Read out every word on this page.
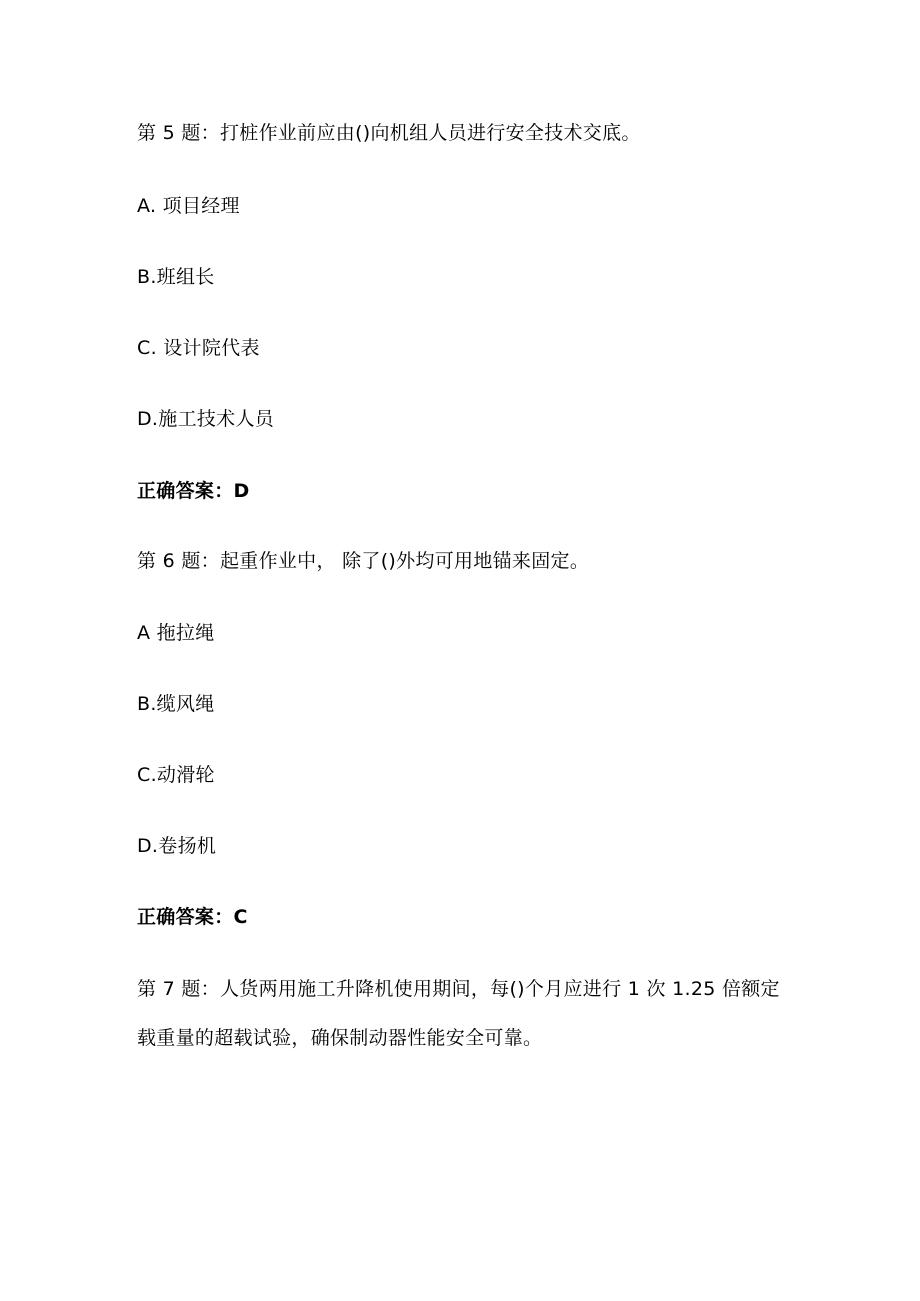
第 5 题：打桩作业前应由()向机组人员进行安全技术交底。
A. 项目经理
B.班组长
C. 设计院代表
D.施工技术人员
正确答案：D
第 6 题：起重作业中， 除了()外均可用地锚来固定。
A 拖拉绳
B.缆风绳
C.动滑轮
D.卷扬机
正确答案：C
第 7 题：人货两用施工升降机使用期间，每()个月应进行 1 次 1.25 倍额定
载重量的超载试验，确保制动器性能安全可靠。
